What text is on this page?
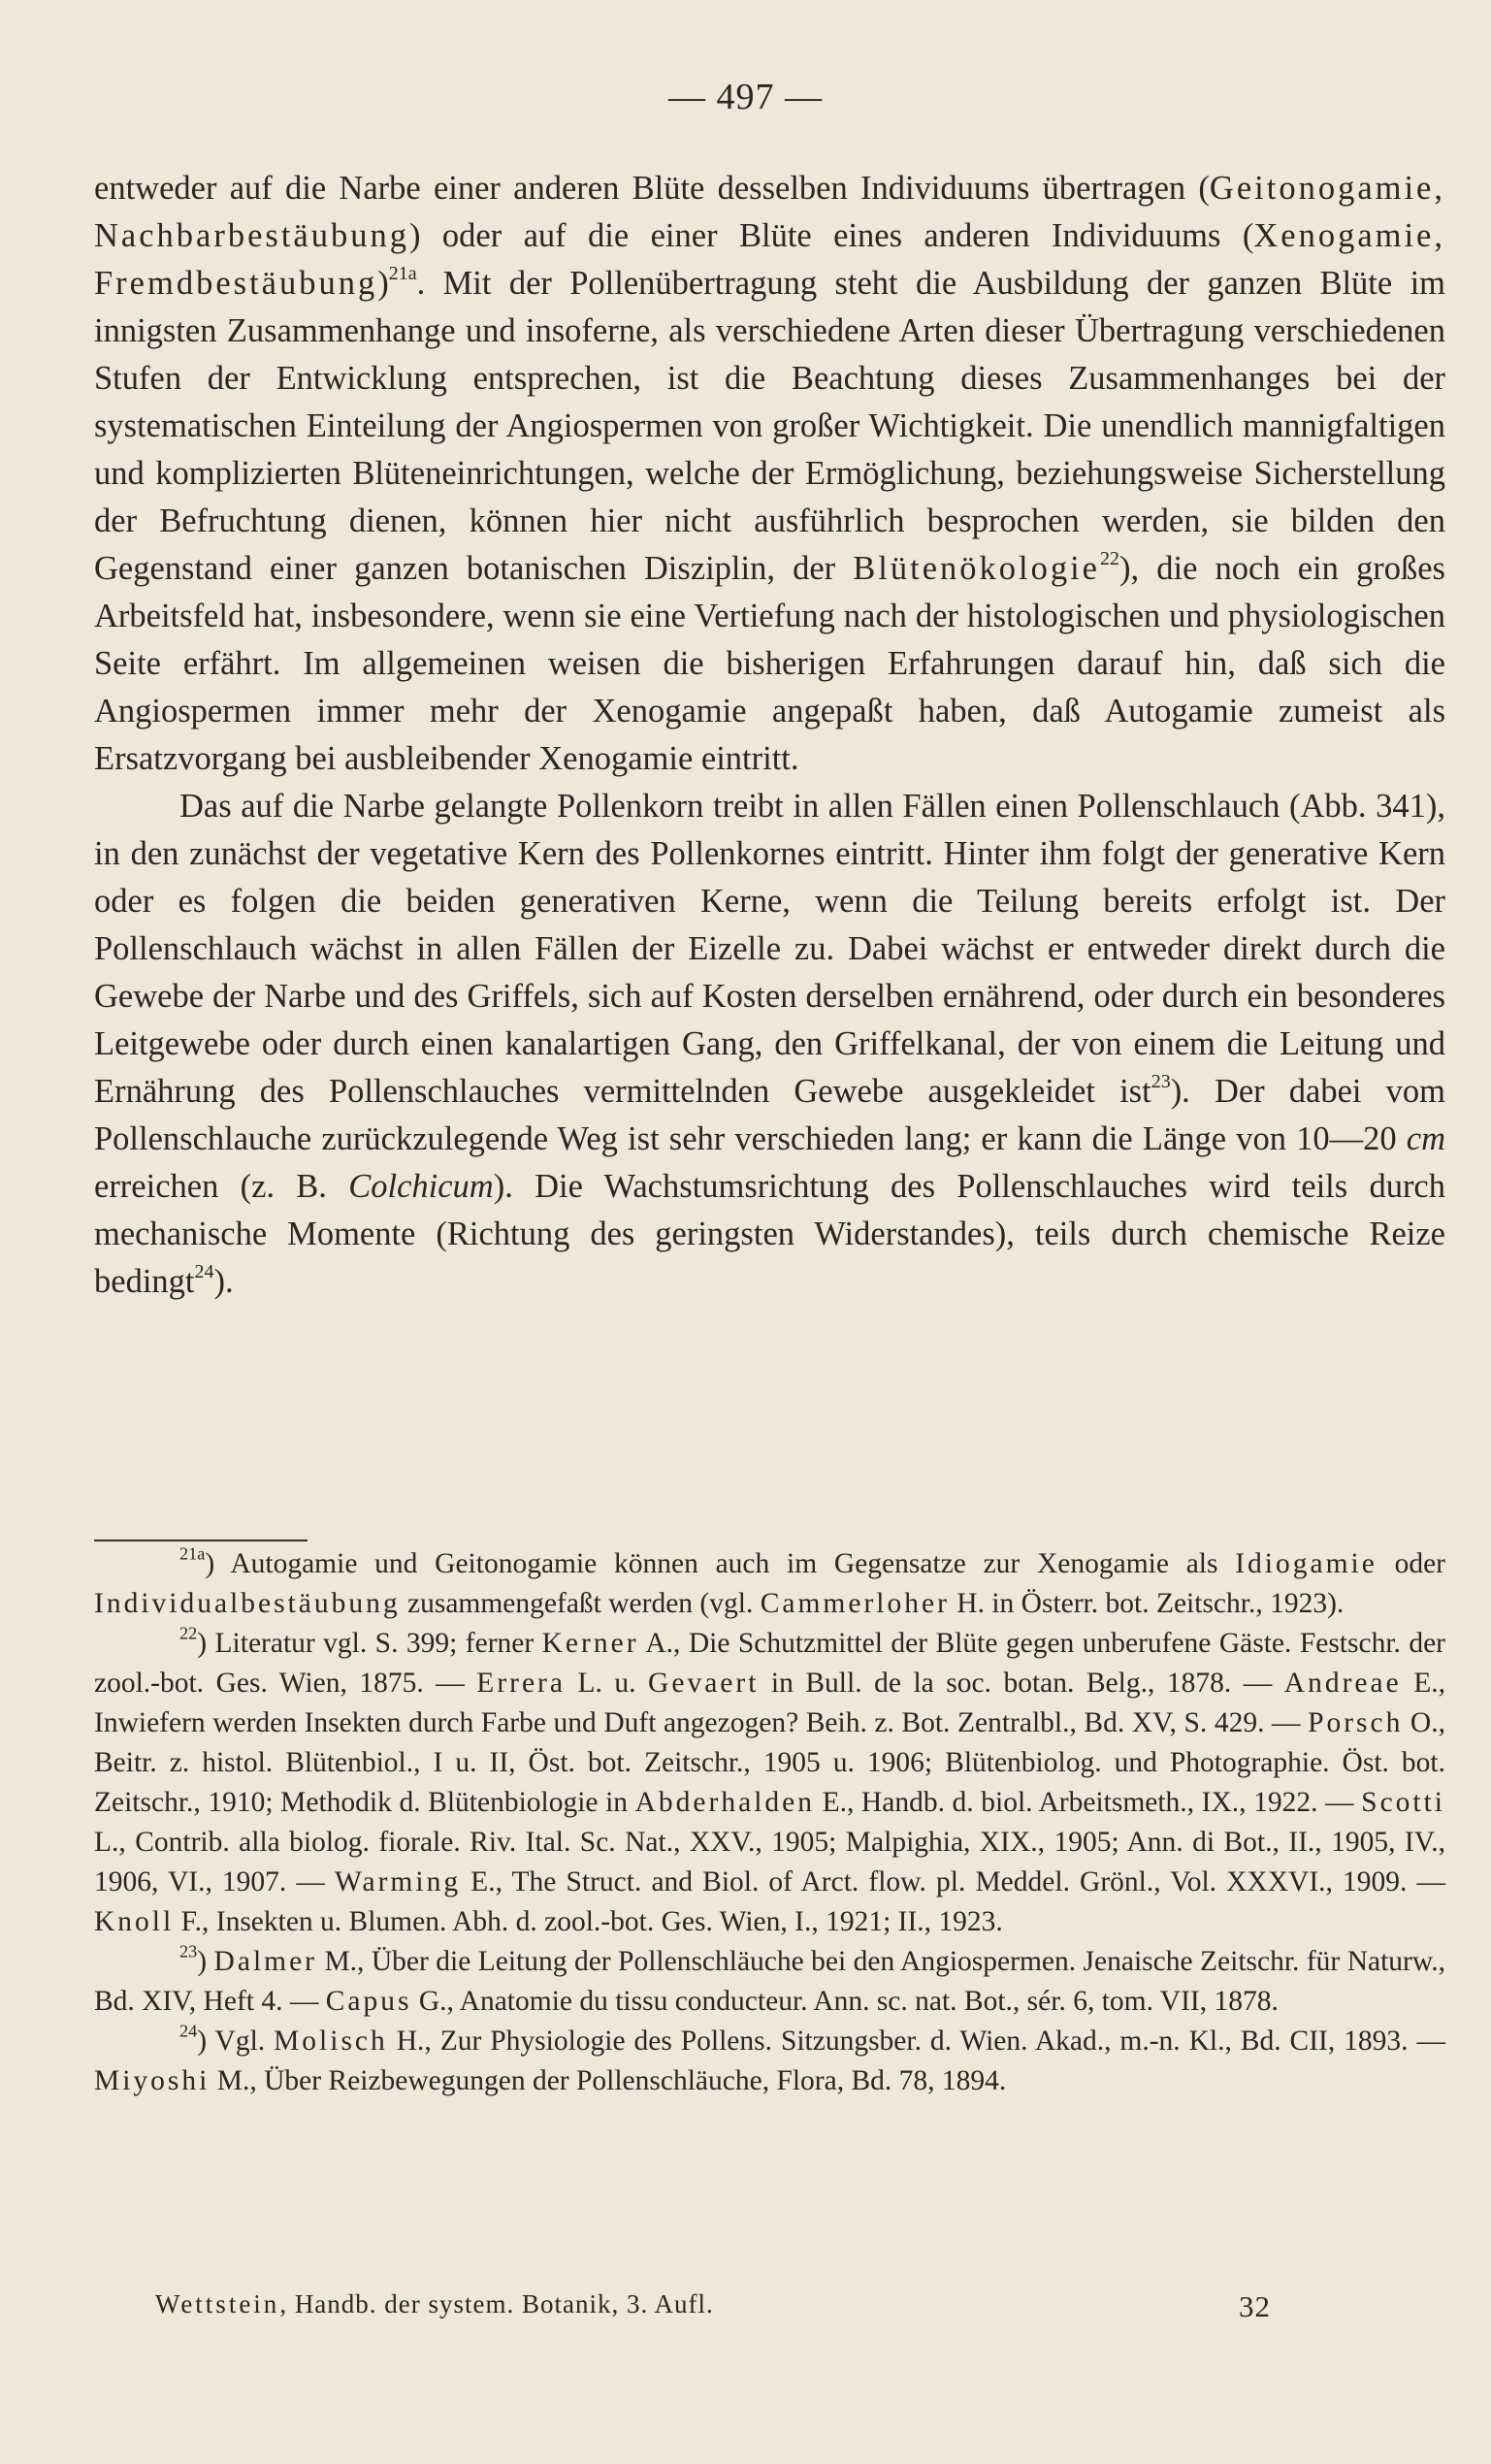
— 497 —

entweder auf die Narbe einer anderen Blüte desselben Individuums übertragen (Geitonogamie, Nachbarbestäubung) oder auf die einer Blüte eines anderen Individuums (Xenogamie, Fremdbestäubung)$^{21a}$. Mit der Pollenübertragung steht die Ausbildung der ganzen Blüte im innigsten Zusammenhange und insoferne, als verschiedene Arten dieser Übertragung verschiedenen Stufen der Entwicklung entsprechen, ist die Beachtung dieses Zusammenhanges bei der systematischen Einteilung der Angiospermen von großer Wichtigkeit. Die unendlich mannigfaltigen und komplizierten Blüteneinrichtungen, welche der Ermöglichung, beziehungsweise Sicherstellung der Befruchtung dienen, können hier nicht ausführlich besprochen werden, sie bilden den Gegenstand einer ganzen botanischen Disziplin, der Blütenökologie$^{22}$), die noch ein großes Arbeitsfeld hat, insbesondere, wenn sie eine Vertiefung nach der histologischen und physiologischen Seite erfährt. Im allgemeinen weisen die bisherigen Erfahrungen darauf hin, daß sich die Angiospermen immer mehr der Xenogamie angepaßt haben, daß Autogamie zumeist als Ersatzvorgang bei ausbleibender Xenogamie eintritt.

Das auf die Narbe gelangte Pollenkorn treibt in allen Fällen einen Pollenschlauch (Abb. 341), in den zunächst der vegetative Kern des Pollenkornes eintritt. Hinter ihm folgt der generative Kern oder es folgen die beiden generativen Kerne, wenn die Teilung bereits erfolgt ist. Der Pollenschlauch wächst in allen Fällen der Eizelle zu. Dabei wächst er entweder direkt durch die Gewebe der Narbe und des Griffels, sich auf Kosten derselben ernährend, oder durch ein besonderes Leitgewebe oder durch einen kanalartigen Gang, den Griffelkanal, der von einem die Leitung und Ernährung des Pollenschlauches vermittelnden Gewebe ausgekleidet ist$^{23}$). Der dabei vom Pollenschlauche zurückzulegende Weg ist sehr verschieden lang; er kann die Länge von 10—20 cm erreichen (z. B. Colchicum). Die Wachstumsrichtung des Pollenschlauches wird teils durch mechanische Momente (Richtung des geringsten Widerstandes), teils durch chemische Reize bedingt$^{24}$).

$^{21a}$) Autogamie und Geitonogamie können auch im Gegensatze zur Xenogamie als Idiogamie oder Individualbestäubung zusammengefaßt werden (vgl. Cammerloher H. in Österr. bot. Zeitschr., 1923).

$^{22}$) Literatur vgl. S. 399; ferner Kerner A., Die Schutzmittel der Blüte gegen unberufene Gäste. Festschr. der zool.-bot. Ges. Wien, 1875. — Errera L. u. Gevaert in Bull. de la soc. botan. Belg., 1878. — Andreae E., Inwiefern werden Insekten durch Farbe und Duft angezogen? Beih. z. Bot. Zentralbl., Bd. XV, S. 429. — Porsch O., Beitr. z. histol. Blütenbiol., I u. II, Öst. bot. Zeitschr., 1905 u. 1906; Blütenbiolog. und Photographie. Öst. bot. Zeitschr., 1910; Methodik d. Blütenbiologie in Abderhalden E., Handb. d. biol. Arbeitsmeth., IX., 1922. — Scotti L., Contrib. alla biolog. fiorale. Riv. Ital. Sc. Nat., XXV., 1905; Malpighia, XIX., 1905; Ann. di Bot., II., 1905, IV., 1906, VI., 1907. — Warming E., The Struct. and Biol. of Arct. flow. pl. Meddel. Grönl., Vol. XXXVI., 1909. — Knoll F., Insekten u. Blumen. Abh. d. zool.-bot. Ges. Wien, I., 1921; II., 1923.

$^{23}$) Dalmer M., Über die Leitung der Pollenschläuche bei den Angiospermen. Jenaische Zeitschr. für Naturw., Bd. XIV, Heft 4. — Capus G., Anatomie du tissu conducteur. Ann. sc. nat. Bot., sér. 6, tom. VII, 1878.

$^{24}$) Vgl. Molisch H., Zur Physiologie des Pollens. Sitzungsber. d. Wien. Akad., m.-n. Kl., Bd. CII, 1893. — Miyoshi M., Über Reizbewegungen der Pollenschläuche, Flora, Bd. 78, 1894.

Wettstein, Handb. der system. Botanik, 3. Aufl.	32
